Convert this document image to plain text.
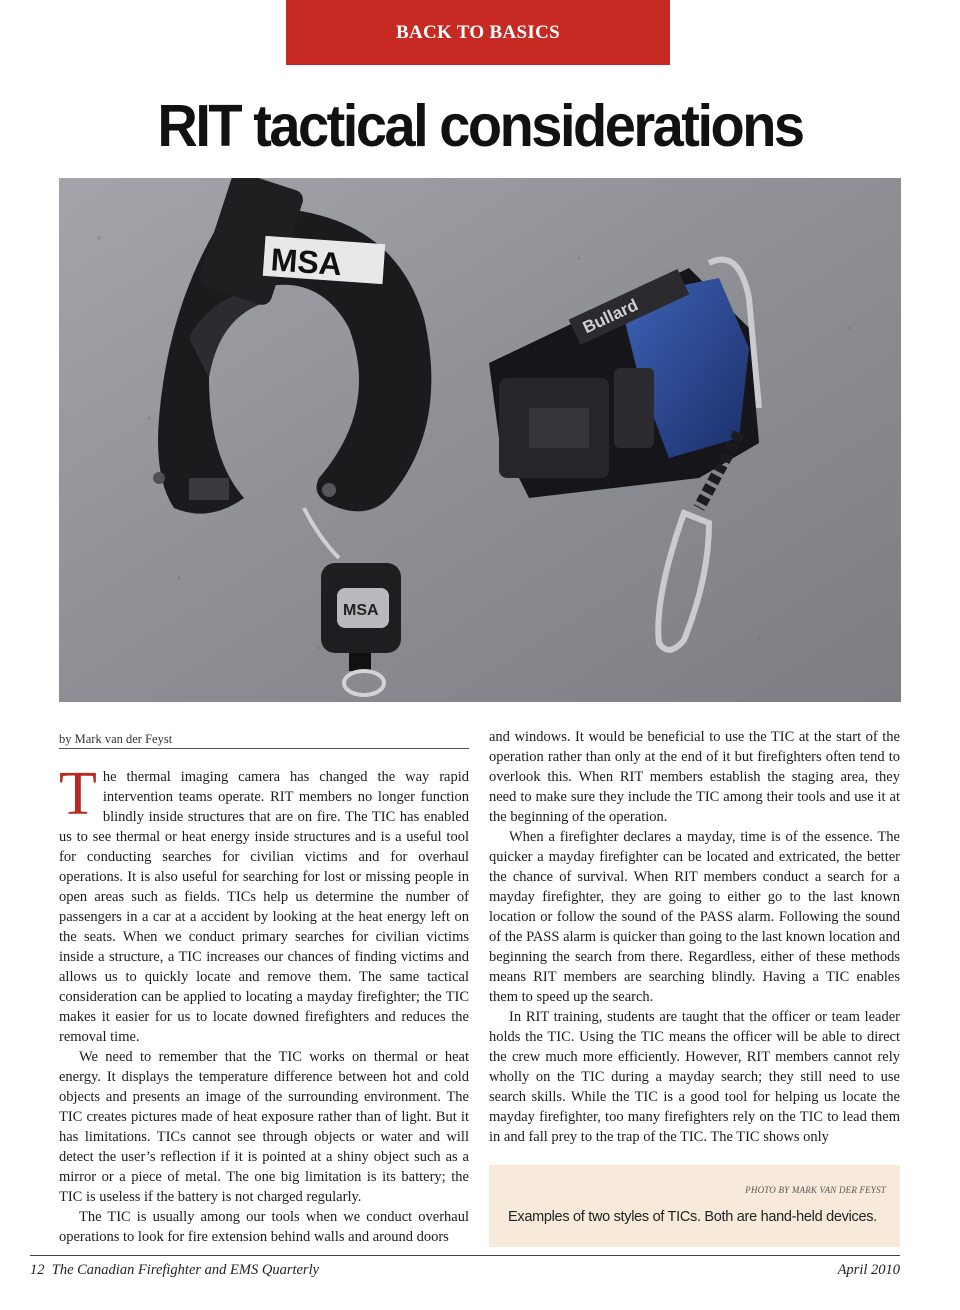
BACK TO BASICS
RIT tactical considerations
MSA
MSA
Bullard
by Mark van der Feyst

The thermal imaging camera has changed the way rapid intervention teams operate. RIT members no longer function blindly inside structures that are on fire. The TIC has enabled us to see thermal or heat energy inside structures and is a useful tool for conducting searches for civilian victims and for overhaul operations. It is also useful for searching for lost or missing people in open areas such as fields. TICs help us determine the number of passengers in a car at a accident by looking at the heat energy left on the seats. When we conduct primary searches for civilian victims inside a structure, a TIC increases our chances of finding victims and allows us to quickly locate and remove them. The same tactical consideration can be applied to locating a mayday firefighter; the TIC makes it easier for us to locate downed firefighters and reduces the removal time.

We need to remember that the TIC works on thermal or heat energy. It displays the temperature difference between hot and cold objects and presents an image of the surrounding environment. The TIC creates pictures made of heat exposure rather than of light. But it has limitations. TICs cannot see through objects or water and will detect the user’s reflection if it is pointed at a shiny object such as a mirror or a piece of metal. The one big limitation is its battery; the TIC is useless if the battery is not charged regularly.

The TIC is usually among our tools when we conduct overhaul operations to look for fire extension behind walls and around doors

and windows. It would be beneficial to use the TIC at the start of the operation rather than only at the end of it but firefighters often tend to overlook this. When RIT members establish the staging area, they need to make sure they include the TIC among their tools and use it at the beginning of the operation.

When a firefighter declares a mayday, time is of the essence. The quicker a mayday firefighter can be located and extricated, the better the chance of survival. When RIT members conduct a search for a mayday firefighter, they are going to either go to the last known location or follow the sound of the PASS alarm. Following the sound of the PASS alarm is quicker than going to the last known location and beginning the search from there. Regardless, either of these methods means RIT members are searching blindly. Having a TIC enables them to speed up the search.

In RIT training, students are taught that the officer or team leader holds the TIC. Using the TIC means the officer will be able to direct the crew much more efficiently. However, RIT members cannot rely wholly on the TIC during a mayday search; they still need to use search skills. While the TIC is a good tool for helping us locate the mayday firefighter, too many firefighters rely on the TIC to lead them in and fall prey to the trap of the TIC. The TIC shows only

PHOTO BY MARK VAN DER FEYST
Examples of two styles of TICs. Both are hand-held devices.
12  The Canadian Firefighter and EMS Quarterly	April 2010
